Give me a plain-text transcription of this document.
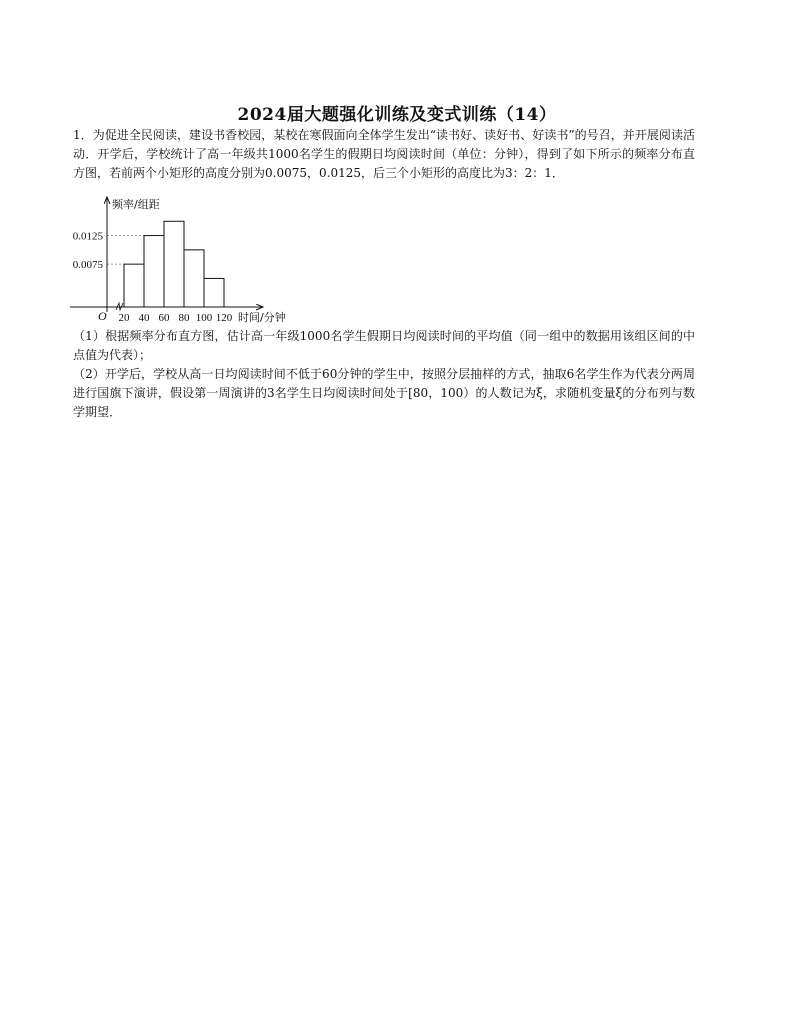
2024届大题强化训练及变式训练（14）

1．为促进全民阅读，建设书香校园，某校在寒假面向全体学生发出“读书好、读好书、好读书”的号召，并开展阅读活动．开学后，学校统计了高一年级共1000名学生的假期日均阅读时间（单位：分钟），得到了如下所示的频率分布直方图，若前两个小矩形的高度分别为0.0075，0.0125，后三个小矩形的高度比为3：2：1．

频率/组距
O
0.0075
0.0125
20 40 60 80 100 120 时间/分钟

（1）根据频率分布直方图，估计高一年级1000名学生假期日均阅读时间的平均值（同一组中的数据用该组区间的中点值为代表）；

（2）开学后，学校从高一日均阅读时间不低于60分钟的学生中，按照分层抽样的方式，抽取6名学生作为代表分两周进行国旗下演讲，假设第一周演讲的3名学生日均阅读时间处于[80，100）的人数记为ξ，求随机变量ξ的分布列与数学期望．
